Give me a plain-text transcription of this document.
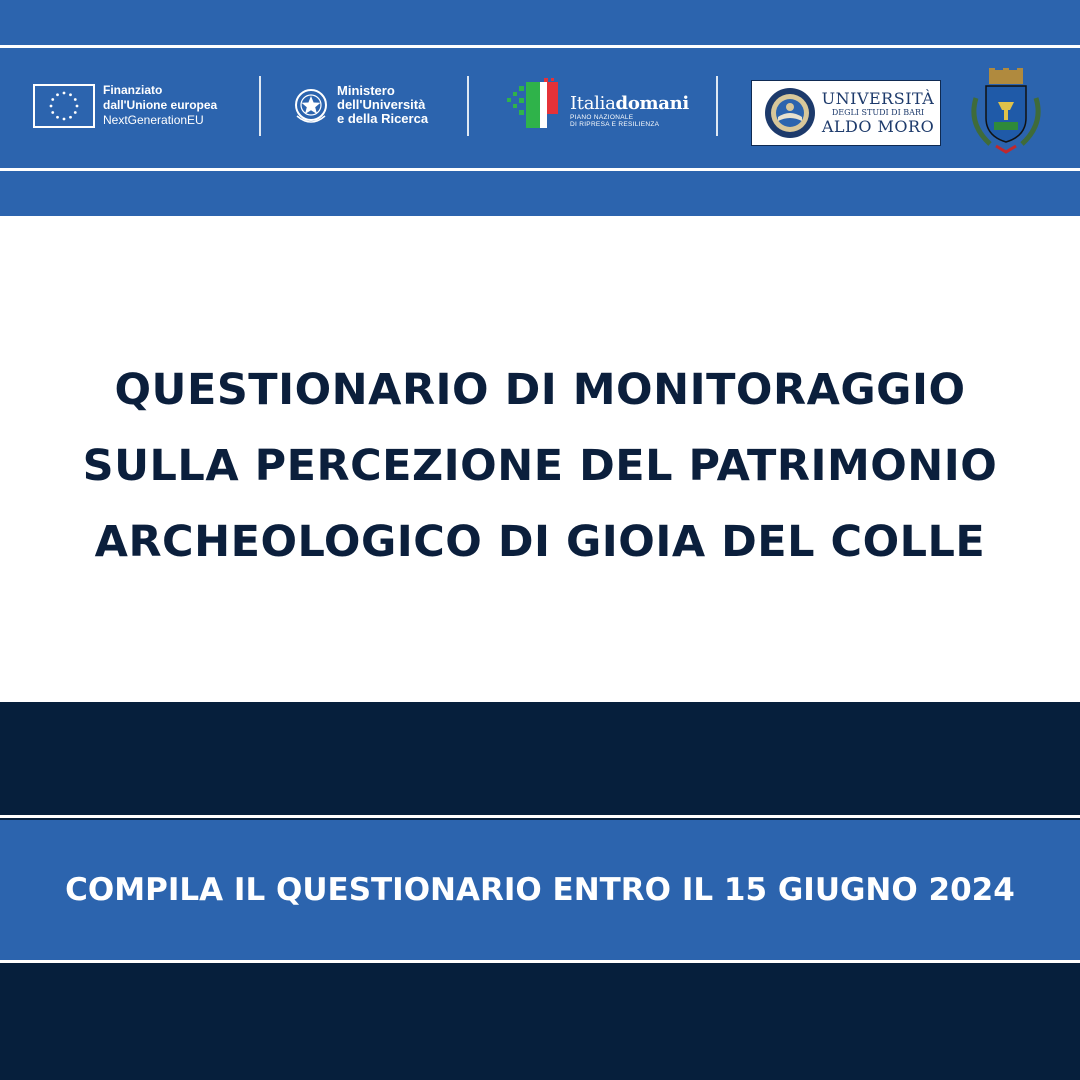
Finanziato
dall'Unione europea
NextGenerationEU
Ministero
dell'Università
e della Ricerca
Italiadomani
PIANO NAZIONALE
DI RIPRESA E RESILIENZA
UNIVERSITÀ
DEGLI STUDI DI BARI
ALDO MORO
QUESTIONARIO DI MONITORAGGIO
SULLA PERCEZIONE DEL PATRIMONIO
ARCHEOLOGICO DI GIOIA DEL COLLE

COMPILA IL QUESTIONARIO ENTRO IL 15 GIUGNO 2024
